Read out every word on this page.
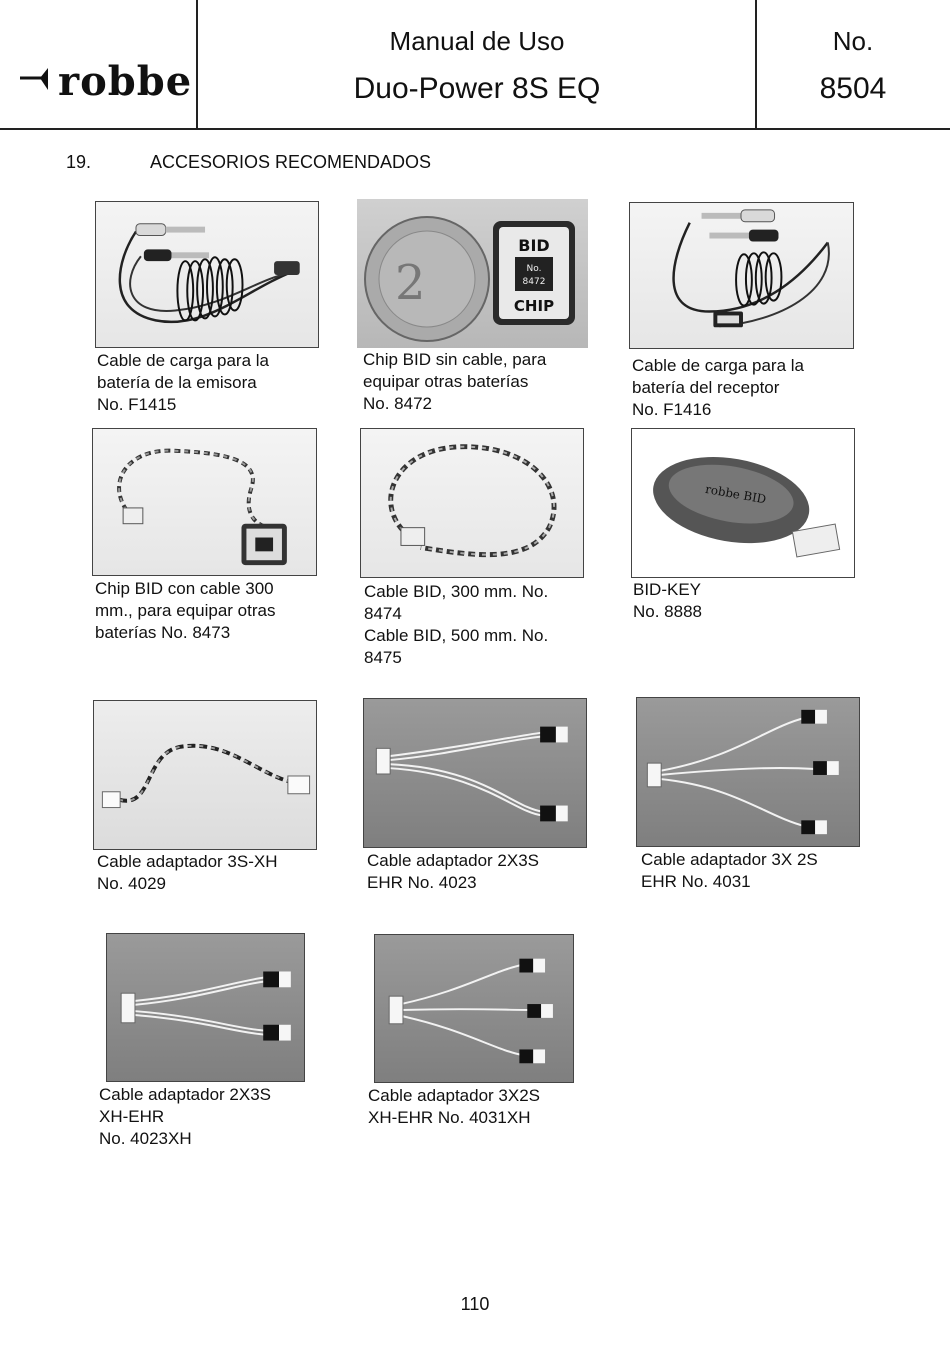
robbe
Manual de Uso
Duo-Power 8S EQ
No.
8504
19.	ACCESORIOS RECOMENDADOS
Cable de carga para la
batería de la emisora
No. F1415
2
BID
No.
8472
CHIP
Chip BID sin cable, para
equipar otras baterías
No. 8472
Cable de carga para la
batería del receptor
No. F1416
Chip BID con cable 300
mm., para equipar otras
baterías No. 8473
Cable BID, 300 mm. No.
8474
Cable BID, 500 mm. No.
8475
robbe BID
BID-KEY
No. 8888
Cable adaptador 3S-XH
No. 4029
Cable adaptador 2X3S
EHR No. 4023
Cable adaptador 3X 2S
EHR No. 4031
Cable adaptador 2X3S
XH-EHR
No. 4023XH
Cable adaptador 3X2S
XH-EHR No. 4031XH
110
